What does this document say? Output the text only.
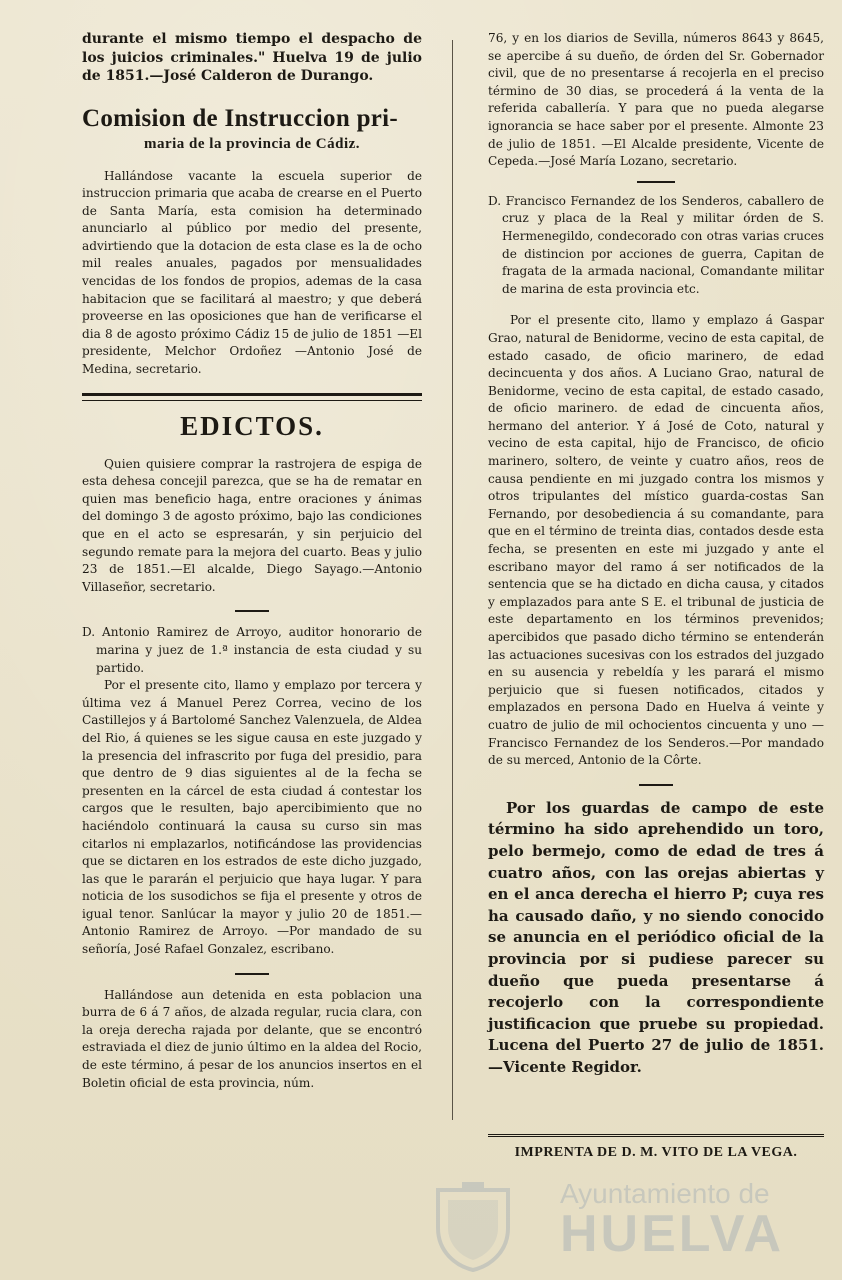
durante el mismo tiempo el despacho de los juicios criminales." Huelva 19 de julio de 1851.—José Calderon de Durango.

Comision de Instruccion pri-
maria de la provincia de Cádiz.

Hallándose vacante la escuela superior de instruccion primaria que acaba de crearse en el Puerto de Santa María, esta comision ha determinado anunciarlo al público por medio del presente, advirtiendo que la dotacion de esta clase es la de ocho mil reales anuales, pagados por mensualidades vencidas de los fondos de propios, ademas de la casa habitacion que se facilitará al maestro; y que deberá proveerse en las oposiciones que han de verificarse el dia 8 de agosto próximo Cádiz 15 de julio de 1851 —El presidente, Melchor Ordoñez —Antonio José de Medina, secretario.

EDICTOS.

Quien quisiere comprar la rastrojera de espiga de esta dehesa concejil parezca, que se ha de rematar en quien mas beneficio haga, entre oraciones y ánimas del domingo 3 de agosto próximo, bajo las condiciones que en el acto se espresarán, y sin perjuicio del segundo remate para la mejora del cuarto. Beas y julio 23 de 1851.—El alcalde, Diego Sayago.—Antonio Villaseñor, secretario.

D. Antonio Ramirez de Arroyo, auditor honorario de marina y juez de 1.ª instancia de esta ciudad y su partido.

Por el presente cito, llamo y emplazo por tercera y última vez á Manuel Perez Correa, vecino de los Castillejos y á Bartolomé Sanchez Valenzuela, de Aldea del Rio, á quienes se les sigue causa en este juzgado y la presencia del infrascrito por fuga del presidio, para que dentro de 9 dias siguientes al de la fecha se presenten en la cárcel de esta ciudad á contestar los cargos que le resulten, bajo apercibimiento que no haciéndolo continuará la causa su curso sin mas citarlos ni emplazarlos, notificándose las providencias que se dictaren en los estrados de este dicho juzgado, las que le pararán el perjuicio que haya lugar. Y para noticia de los susodichos se fija el presente y otros de igual tenor. Sanlúcar la mayor y julio 20 de 1851.—Antonio Ramirez de Arroyo. —Por mandado de su señoría, José Rafael Gonzalez, escribano.

Hallándose aun detenida en esta poblacion una burra de 6 á 7 años, de alzada regular, rucia clara, con la oreja derecha rajada por delante, que se encontró estraviada el diez de junio último en la aldea del Rocio, de este término, á pesar de los anuncios insertos en el Boletin oficial de esta provincia, núm.

76, y en los diarios de Sevilla, números 8643 y 8645, se apercibe á su dueño, de órden del Sr. Gobernador civil, que de no presentarse á recojerla en el preciso término de 30 dias, se procederá á la venta de la referida caballería. Y para que no pueda alegarse ignorancia se hace saber por el presente. Almonte 23 de julio de 1851. —El Alcalde presidente, Vicente de Cepeda.—José María Lozano, secretario.

D. Francisco Fernandez de los Senderos, caballero de cruz y placa de la Real y militar órden de S. Hermenegildo, condecorado con otras varias cruces de distincion por acciones de guerra, Capitan de fragata de la armada nacional, Comandante militar de marina de esta provincia etc.

Por el presente cito, llamo y emplazo á Gaspar Grao, natural de Benidorme, vecino de esta capital, de estado casado, de oficio marinero, de edad decincuenta y dos años. A Luciano Grao, natural de Benidorme, vecino de esta capital, de estado casado, de oficio marinero. de edad de cincuenta años, hermano del anterior. Y á José de Coto, natural y vecino de esta capital, hijo de Francisco, de oficio marinero, soltero, de veinte y cuatro años, reos de causa pendiente en mi juzgado contra los mismos y otros tripulantes del místico guarda-costas San Fernando, por desobediencia á su comandante, para que en el término de treinta dias, contados desde esta fecha, se presenten en este mi juzgado y ante el escribano mayor del ramo á ser notificados de la sentencia que se ha dictado en dicha causa, y citados y emplazados para ante S E. el tribunal de justicia de este departamento en los términos prevenidos; apercibidos que pasado dicho término se entenderán las actuaciones sucesivas con los estrados del juzgado en su ausencia y rebeldía y les parará el mismo perjuicio que si fuesen notificados, citados y emplazados en persona Dado en Huelva á veinte y cuatro de julio de mil ochocientos cincuenta y uno —Francisco Fernandez de los Senderos.—Por mandado de su merced, Antonio de la Côrte.

Por los guardas de campo de este término ha sido aprehendido un toro, pelo bermejo, como de edad de tres á cuatro años, con las orejas abiertas y en el anca derecha el hierro P; cuya res ha causado daño, y no siendo conocido se anuncia en el periódico oficial de la provincia por si pudiese parecer su dueño que pueda presentarse á recojerlo con la correspondiente justificacion que pruebe su propiedad. Lucena del Puerto 27 de julio de 1851. —Vicente Regidor.

IMPRENTA DE D. M. VITO DE LA VEGA.
Ayuntamiento de
HUELVA
